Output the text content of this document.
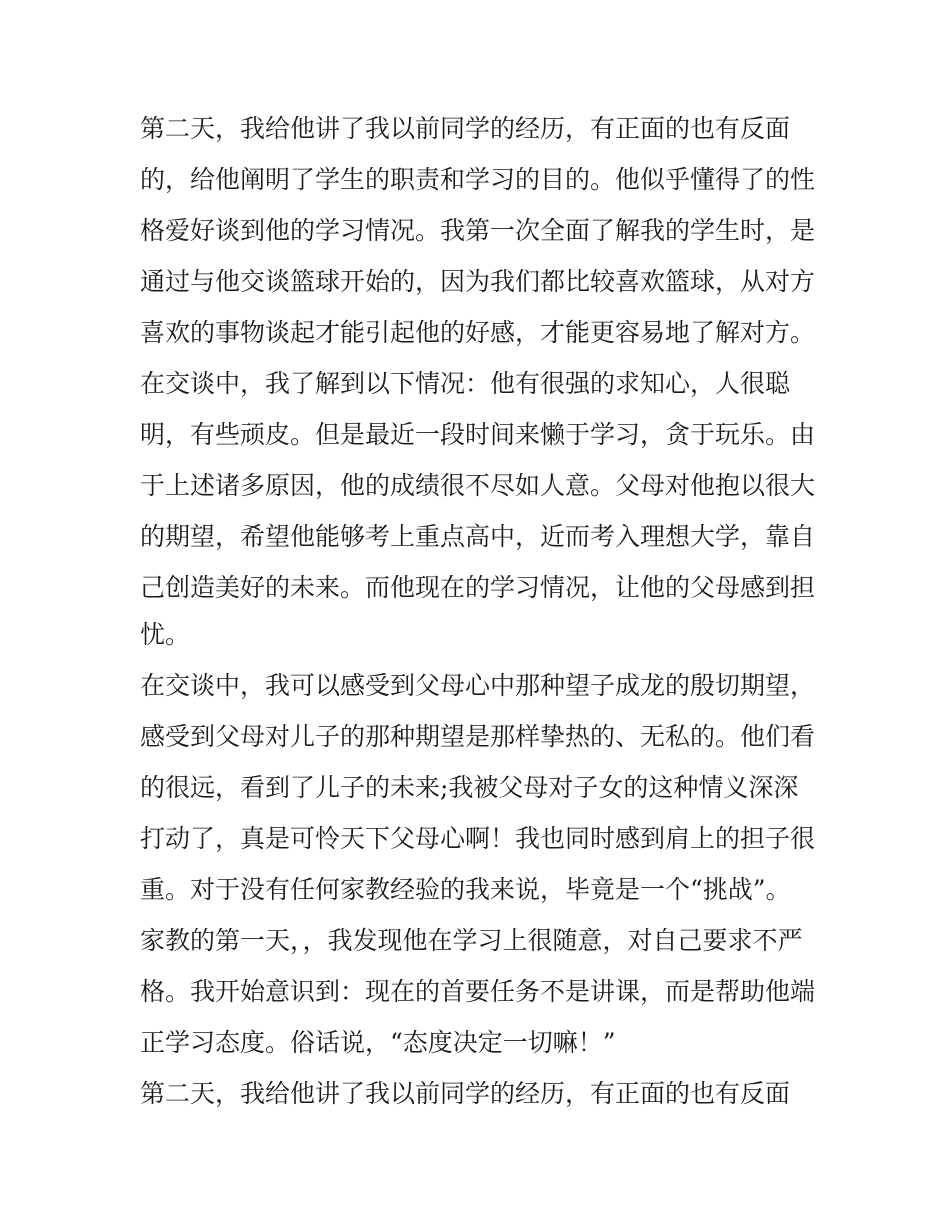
第二天，我给他讲了我以前同学的经历，有正面的也有反面
的，给他阐明了学生的职责和学习的目的。他似乎懂得了的性
格爱好谈到他的学习情况。我第一次全面了解我的学生时，是
通过与他交谈篮球开始的，因为我们都比较喜欢篮球，从对方
喜欢的事物谈起才能引起他的好感，才能更容易地了解对方。
在交谈中，我了解到以下情况：他有很强的求知心，人很聪
明，有些顽皮。但是最近一段时间来懒于学习，贪于玩乐。由
于上述诸多原因，他的成绩很不尽如人意。父母对他抱以很大
的期望，希望他能够考上重点高中，近而考入理想大学，靠自
己创造美好的未来。而他现在的学习情况，让他的父母感到担
忧。
在交谈中，我可以感受到父母心中那种望子成龙的殷切期望，
感受到父母对儿子的那种期望是那样挚热的、无私的。他们看
的很远，看到了儿子的未来;我被父母对子女的这种情义深深
打动了，真是可怜天下父母心啊！我也同时感到肩上的担子很
重。对于没有任何家教经验的我来说，毕竟是一个“挑战”。
家教的第一天，，我发现他在学习上很随意，对自己要求不严
格。我开始意识到：现在的首要任务不是讲课，而是帮助他端
正学习态度。俗话说，“态度决定一切嘛！”
第二天，我给他讲了我以前同学的经历，有正面的也有反面
